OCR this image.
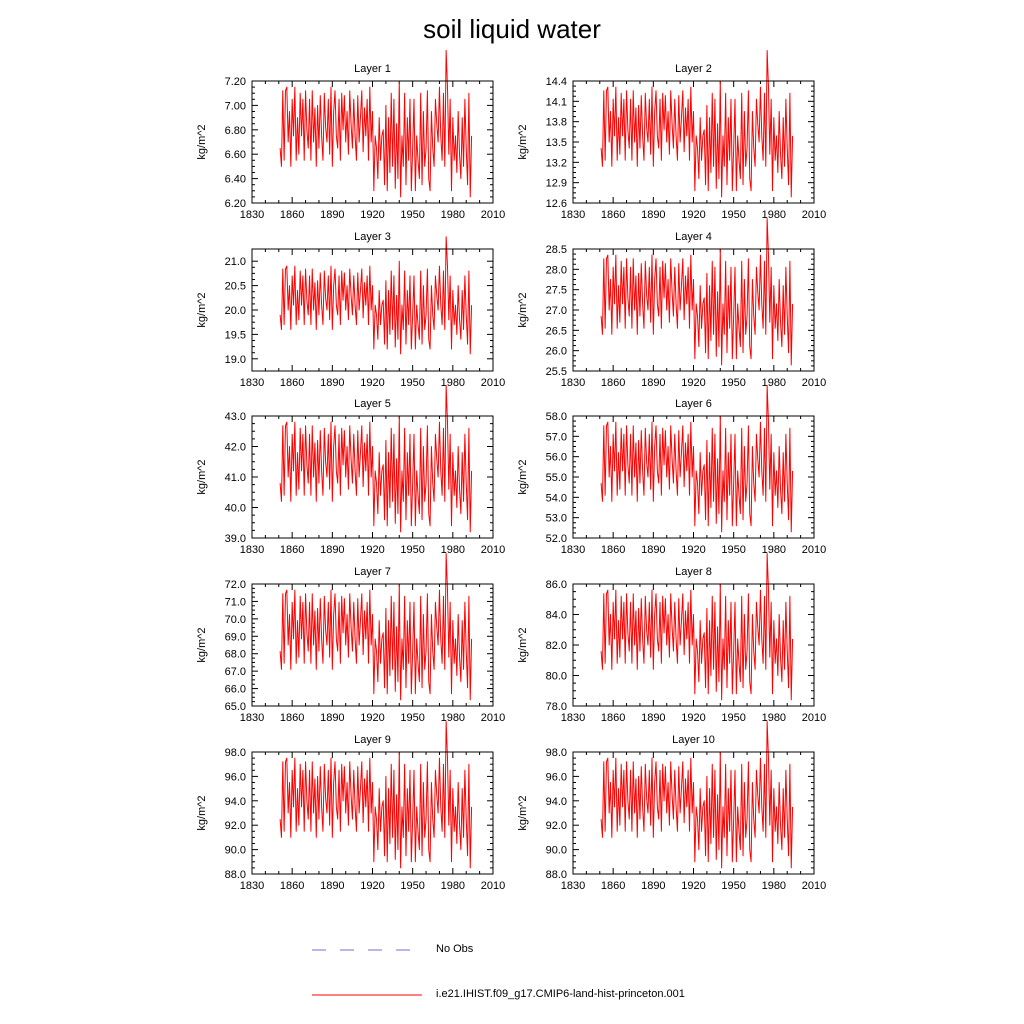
soil liquid water
Layer 1
kg/m^2
1830 1860 1890 1920 1950 1980 2010
6.20
6.40
6.60
6.80
7.00
7.20
Layer 2
kg/m^2
1830 1860 1890 1920 1950 1980 2010
12.6
12.9
13.2
13.5
13.8
14.1
14.4
Layer 3
kg/m^2
1830 1860 1890 1920 1950 1980 2010
19.0
19.5
20.0
20.5
21.0
Layer 4
kg/m^2
1830 1860 1890 1920 1950 1980 2010
25.5
26.0
26.5
27.0
27.5
28.0
28.5
Layer 5
kg/m^2
1830 1860 1890 1920 1950 1980 2010
39.0
40.0
41.0
42.0
43.0
Layer 6
kg/m^2
1830 1860 1890 1920 1950 1980 2010
52.0
53.0
54.0
55.0
56.0
57.0
58.0
Layer 7
kg/m^2
1830 1860 1890 1920 1950 1980 2010
65.0
66.0
67.0
68.0
69.0
70.0
71.0
72.0
Layer 8
kg/m^2
1830 1860 1890 1920 1950 1980 2010
78.0
80.0
82.0
84.0
86.0
Layer 9
kg/m^2
1830 1860 1890 1920 1950 1980 2010
88.0
90.0
92.0
94.0
96.0
98.0
Layer 10
kg/m^2
1830 1860 1890 1920 1950 1980 2010
88.0
90.0
92.0
94.0
96.0
98.0
No Obs
i.e21.IHIST.f09_g17.CMIP6-land-hist-princeton.001
